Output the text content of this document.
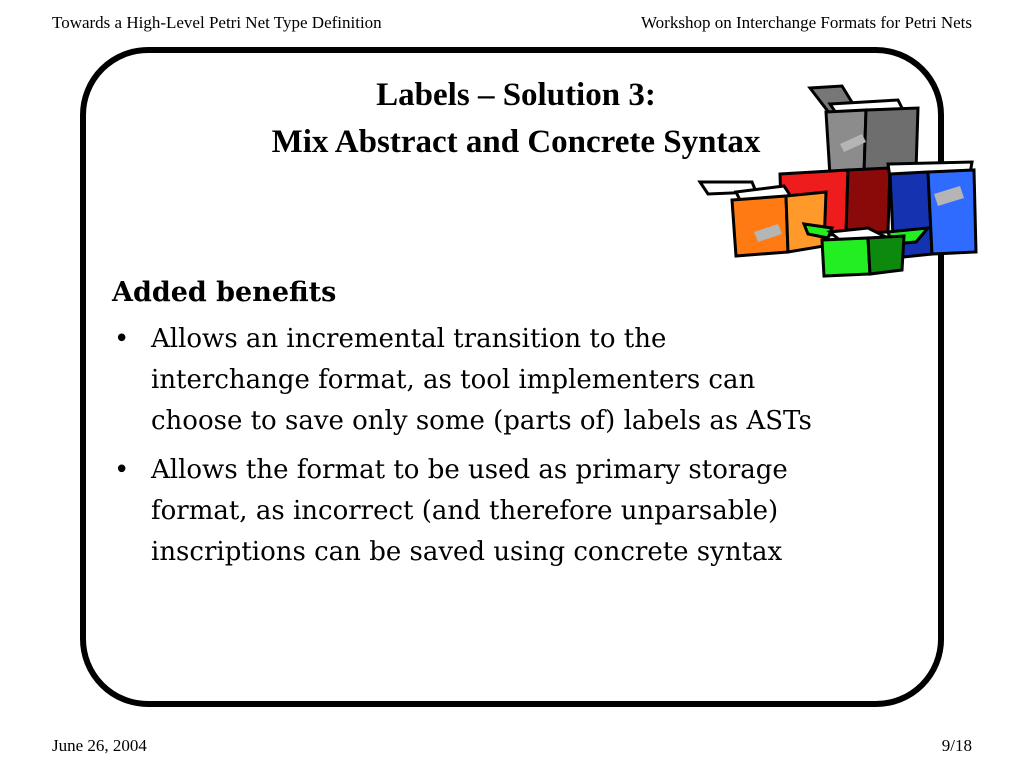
Towards a High-Level Petri Net Type Definition	Workshop on Interchange Formats for Petri Nets
Labels – Solution 3:
Mix Abstract and Concrete Syntax
Added benefits
• Allows an incremental transition to the
interchange format, as tool implementers can
choose to save only some (parts of) labels as ASTs
• Allows the format to be used as primary storage
format, as incorrect (and therefore unparsable)
inscriptions can be saved using concrete syntax
June 26, 2004	9/18
